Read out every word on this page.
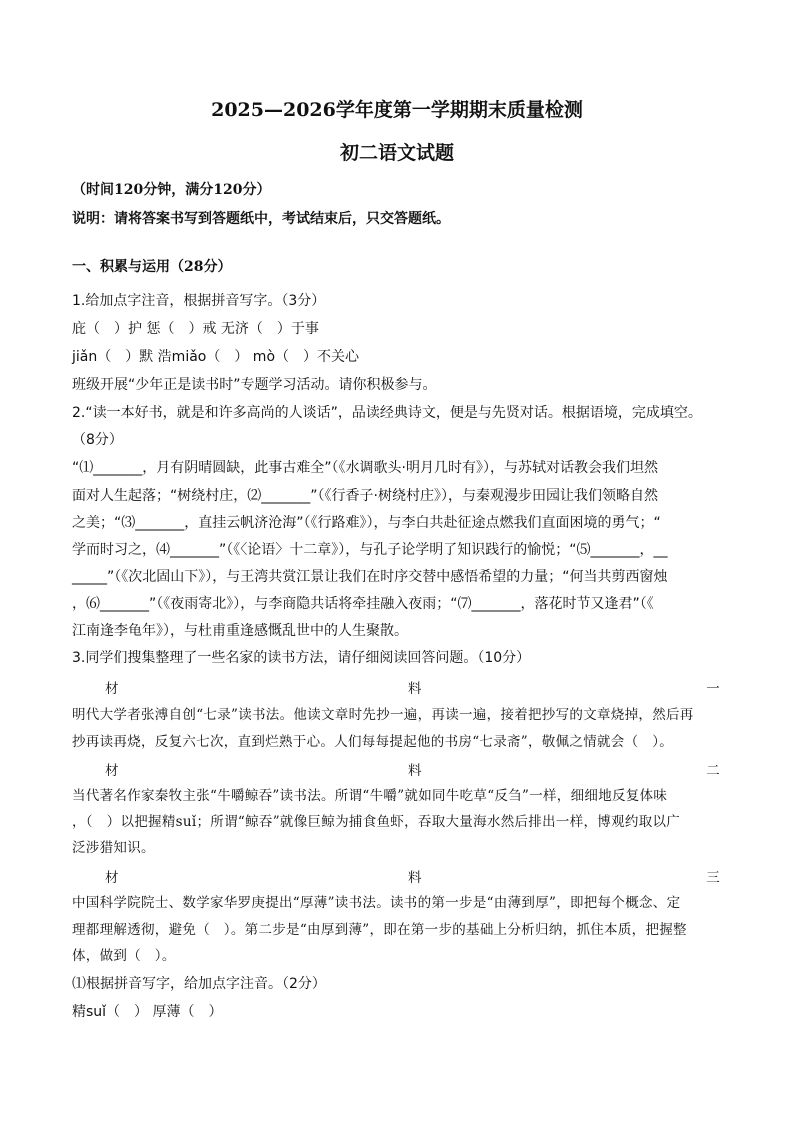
2025—2026学年度第一学期期末质量检测
初二语文试题
（时间120分钟，满分120分）
说明：请将答案书写到答题纸中，考试结束后，只交答题纸。
一、积累与运用（28分）
1.给加点字注音，根据拼音写字。（3分）
庇（　）护 惩（　）戒 无济（　）于事
jiǎn（　）默 浩miǎo（　） mò（　）不关心
班级开展“少年正是读书时”专题学习活动。请你积极参与。
2.“读一本好书，就是和许多高尚的人谈话”，品读经典诗文，便是与先贤对话。根据语境，完成填空。
（8分）
“⑴_______，月有阴晴圆缺，此事古难全”（《水调歌头·明月几时有》），与苏轼对话教会我们坦然
面对人生起落；“树绕村庄，⑵_______”（《行香子·树绕村庄》），与秦观漫步田园让我们领略自然
之美；“⑶_______，直挂云帆济沧海”（《行路难》），与李白共赴征途点燃我们直面困境的勇气；“
学而时习之，⑷_______”（《〈论语〉十二章》），与孔子论学明了知识践行的愉悦；“⑸_______，__
_____”（《次北固山下》），与王湾共赏江景让我们在时序交替中感悟希望的力量；“何当共剪西窗烛
，⑹_______”（《夜雨寄北》），与李商隐共话将牵挂融入夜雨；“⑺_______，落花时节又逢君”（《
江南逢李龟年》），与杜甫重逢感慨乱世中的人生聚散。
3.同学们搜集整理了一些名家的读书方法，请仔细阅读回答问题。（10分）
材	料	一
明代大学者张溥自创“七录”读书法。他读文章时先抄一遍，再读一遍，接着把抄写的文章烧掉，然后再
抄再读再烧，反复六七次，直到烂熟于心。人们每每提起他的书房“七录斋”，敬佩之情就会（　）。
材	料	二
当代著名作家秦牧主张“牛嚼鲸吞”读书法。所谓“牛嚼”就如同牛吃草“反刍”一样，细细地反复体味
，（　）以把握精suǐ；所谓“鲸吞”就像巨鲸为捕食鱼虾，吞取大量海水然后排出一样，博观约取以广
泛涉猎知识。
材	料	三
中国科学院院士、数学家华罗庚提出“厚薄”读书法。读书的第一步是“由薄到厚”，即把每个概念、定
理都理解透彻，避免（　）。第二步是“由厚到薄”，即在第一步的基础上分析归纳，抓住本质，把握整
体，做到（　）。
⑴根据拼音写字，给加点字注音。（2分）
精suǐ（　） 厚薄（　）
